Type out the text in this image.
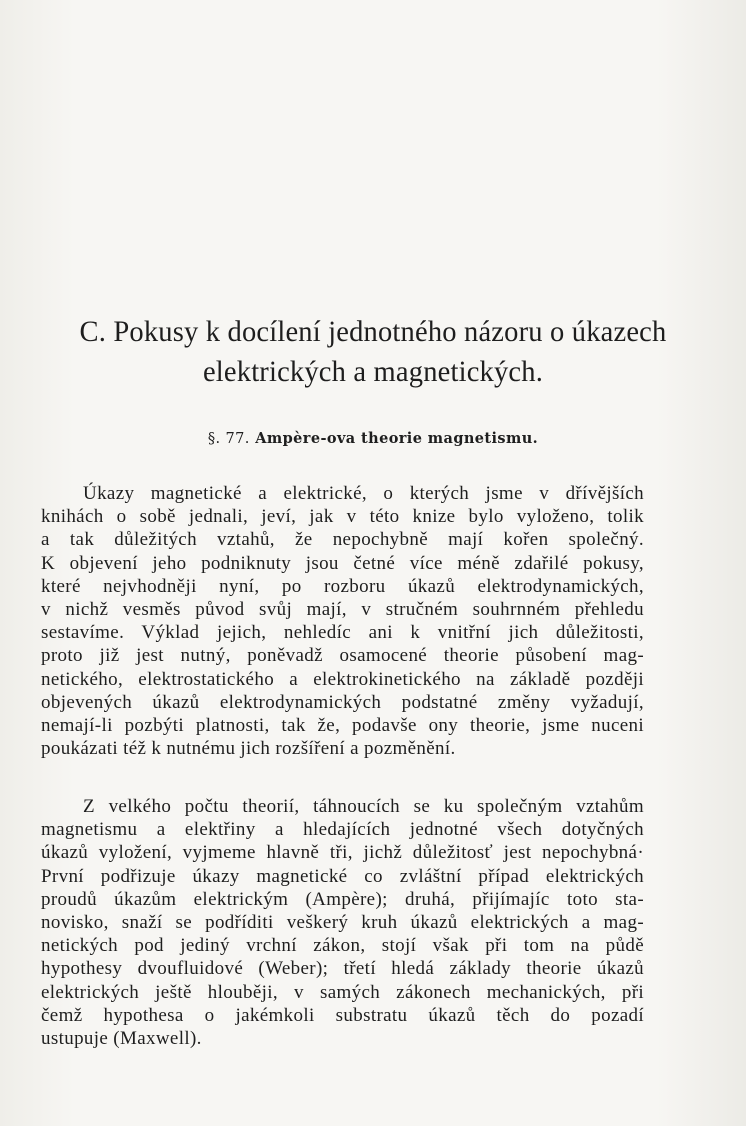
C. Pokusy k docílení jednotného názoru o úkazech
elektrických a magnetických.
§. 77. Ampère-ova theorie magnetismu.
Úkazy magnetické a elektrické, o kterých jsme v dřívějších
knihách o sobě jednali, jeví, jak v této knize bylo vyloženo, tolik
a tak důležitých vztahů, že nepochybně mají kořen společný.
K objevení jeho podniknuty jsou četné více méně zdařilé pokusy,
které nejvhodněji nyní, po rozboru úkazů elektrodynamických,
v nichž vesměs původ svůj mají, v stručném souhrnném přehledu
sestavíme. Výklad jejich, nehledíc ani k vnitřní jich důležitosti,
proto již jest nutný, poněvadž osamocené theorie působení mag-
netického, elektrostatického a elektrokinetického na základě později
objevených úkazů elektrodynamických podstatné změny vyžadují,
nemají-li pozbýti platnosti, tak že, podavše ony theorie, jsme nuceni
poukázati též k nutnému jich rozšíření a pozměnění.
Z velkého počtu theorií, táhnoucích se ku společným vztahům
magnetismu a elektřiny a hledajících jednotné všech dotyčných
úkazů vyložení, vyjmeme hlavně tři, jichž důležitosť jest nepochybná·
První podřizuje úkazy magnetické co zvláštní případ elektrických
proudů úkazům elektrickým (Ampère); druhá, přijímajíc toto sta-
novisko, snaží se podříditi veškerý kruh úkazů elektrických a mag-
netických pod jediný vrchní zákon, stojí však při tom na půdě
hypothesy dvoufluidové (Weber); třetí hledá základy theorie úkazů
elektrických ještě hlouběji, v samých zákonech mechanických, při
čemž hypothesa o jakémkoli substratu úkazů těch do pozadí
ustupuje (Maxwell).
